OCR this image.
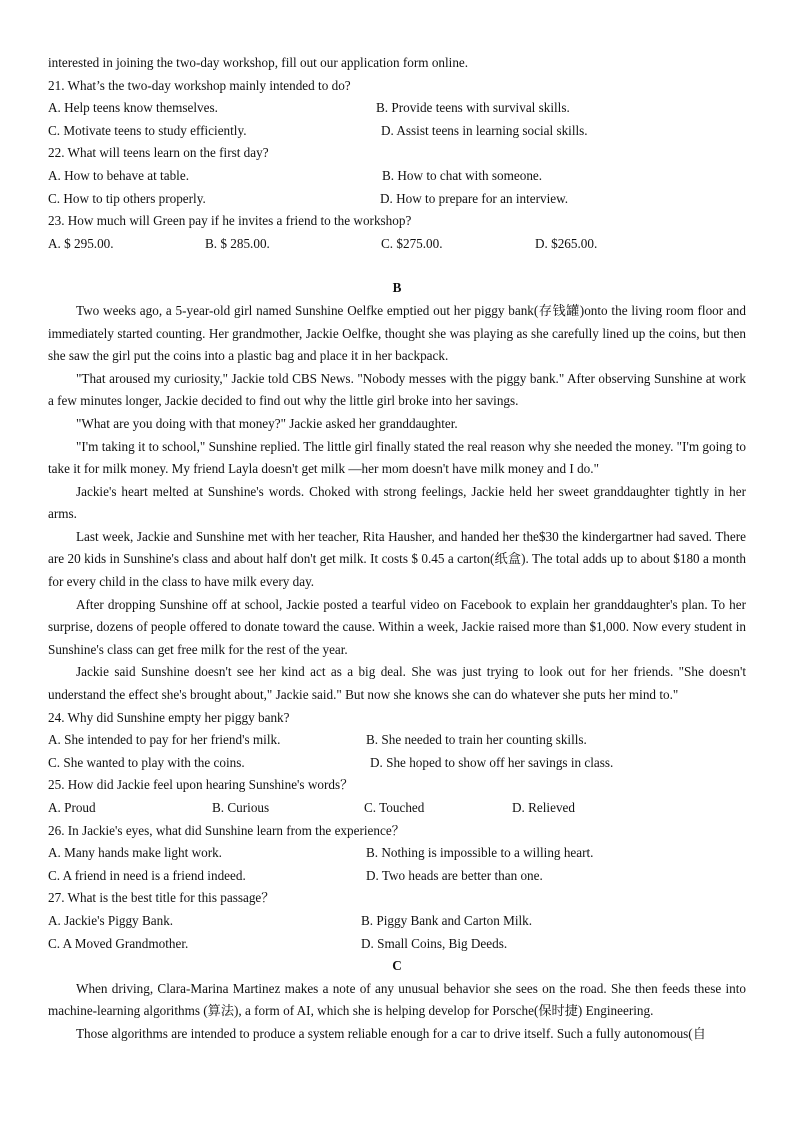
interested in joining the two-day workshop, fill out our application form online.
21. What’s the two-day workshop mainly intended to do?
A. Help teens know themselves.	B. Provide teens with survival skills.
C. Motivate teens to study efficiently.	D. Assist teens in learning social skills.
22. What will teens learn on the first day?
A. How to behave at table.	B. How to chat with someone.
C. How to tip others properly.	D. How to prepare for an interview.
23. How much will Green pay if he invites a friend to the workshop?
A. $ 295.00.	B. $ 285.00.	C. $275.00.	D. $265.00.
B
Two weeks ago, a 5-year-old girl named Sunshine Oelfke emptied out her piggy bank(存钱罐)onto the living room floor and immediately started counting. Her grandmother, Jackie Oelfke, thought she was playing as she carefully lined up the coins, but then she saw the girl put the coins into a plastic bag and place it in her backpack.
"That aroused my curiosity," Jackie told CBS News. "Nobody messes with the piggy bank." After observing Sunshine at work a few minutes longer, Jackie decided to find out why the little girl broke into her savings.
"What are you doing with that money?" Jackie asked her granddaughter.
"I'm taking it to school," Sunshine replied. The little girl finally stated the real reason why she needed the money. "I'm going to take it for milk money. My friend Layla doesn't get milk —her mom doesn't have milk money and I do."
Jackie's heart melted at Sunshine's words. Choked with strong feelings, Jackie held her sweet granddaughter tightly in her arms.
Last week, Jackie and Sunshine met with her teacher, Rita Hausher, and handed her the$30 the kindergartner had saved. There are 20 kids in Sunshine's class and about half don't get milk. It costs $ 0.45 a carton(纸盒). The total adds up to about $180 a month for every child in the class to have milk every day.
After dropping Sunshine off at school, Jackie posted a tearful video on Facebook to explain her granddaughter's plan. To her surprise, dozens of people offered to donate toward the cause. Within a week, Jackie raised more than $1,000. Now every student in Sunshine's class can get free milk for the rest of the year.
Jackie said Sunshine doesn't see her kind act as a big deal. She was just trying to look out for her friends. "She doesn't understand the effect she's brought about," Jackie said." But now she knows she can do whatever she puts her mind to."
24. Why did Sunshine empty her piggy bank?
A. She intended to pay for her friend's milk.	B. She needed to train her counting skills.
C. She wanted to play with the coins.	D. She hoped to show off her savings in class.
25. How did Jackie feel upon hearing Sunshine's words？
A. Proud	B. Curious	C. Touched	D. Relieved
26. In Jackie's eyes, what did Sunshine learn from the experience？
A. Many hands make light work.	B. Nothing is impossible to a willing heart.
C. A friend in need is a friend indeed.	D. Two heads are better than one.
27. What is the best title for this passage？
A. Jackie's Piggy Bank.	B. Piggy Bank and Carton Milk.
C. A Moved Grandmother.	D. Small Coins, Big Deeds.
C
When driving, Clara-Marina Martinez makes a note of any unusual behavior she sees on the road. She then feeds these into machine-learning algorithms (算法), a form of AI, which she is helping develop for Porsche(保时捷) Engineering.
Those algorithms are intended to produce a system reliable enough for a car to drive itself. Such a fully autonomous(自
